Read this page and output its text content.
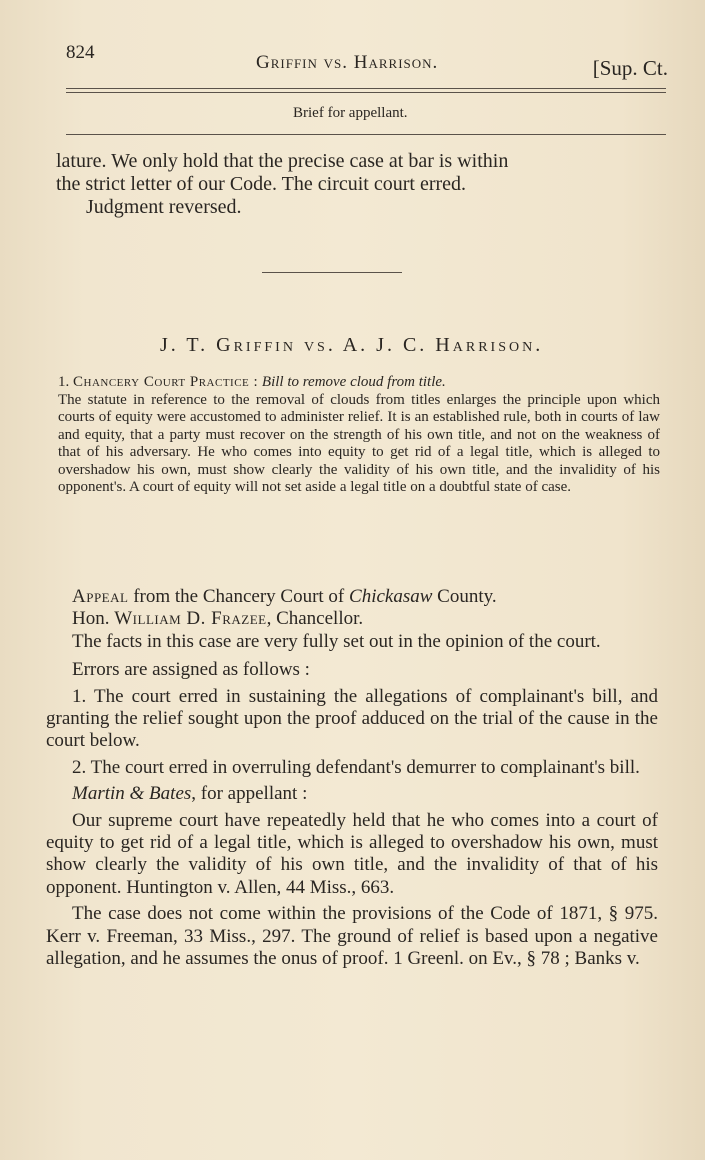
824	Griffin vs. Harrison.	[Sup. Ct.
Brief for appellant.

lature. We only hold that the precise case at bar is within

the strict letter of our Code. The circuit court erred.

Judgment reversed.

J. T. Griffin vs. A. J. C. Harrison.

1. Chancery Court Practice : Bill to remove cloud from title.

The statute in reference to the removal of clouds from titles enlarges the principle upon which courts of equity were accustomed to administer relief. It is an established rule, both in courts of law and equity, that a party must recover on the strength of his own title, and not on the weakness of that of his adversary. He who comes into equity to get rid of a legal title, which is alleged to overshadow his own, must show clearly the validity of his own title, and the invalidity of his opponent's. A court of equity will not set aside a legal title on a doubtful state of case.

Appeal from the Chancery Court of Chickasaw County.

Hon. William D. Frazee, Chancellor.

The facts in this case are very fully set out in the opinion of the court.

Errors are assigned as follows :

1. The court erred in sustaining the allegations of complainant's bill, and granting the relief sought upon the proof adduced on the trial of the cause in the court below.

2. The court erred in overruling defendant's demurrer to complainant's bill.

Martin & Bates, for appellant :

Our supreme court have repeatedly held that he who comes into a court of equity to get rid of a legal title, which is alleged to overshadow his own, must show clearly the validity of his own title, and the invalidity of that of his opponent. Huntington v. Allen, 44 Miss., 663.

The case does not come within the provisions of the Code of 1871, § 975. Kerr v. Freeman, 33 Miss., 297. The ground of relief is based upon a negative allegation, and he assumes the onus of proof. 1 Greenl. on Ev., § 78 ; Banks v.
